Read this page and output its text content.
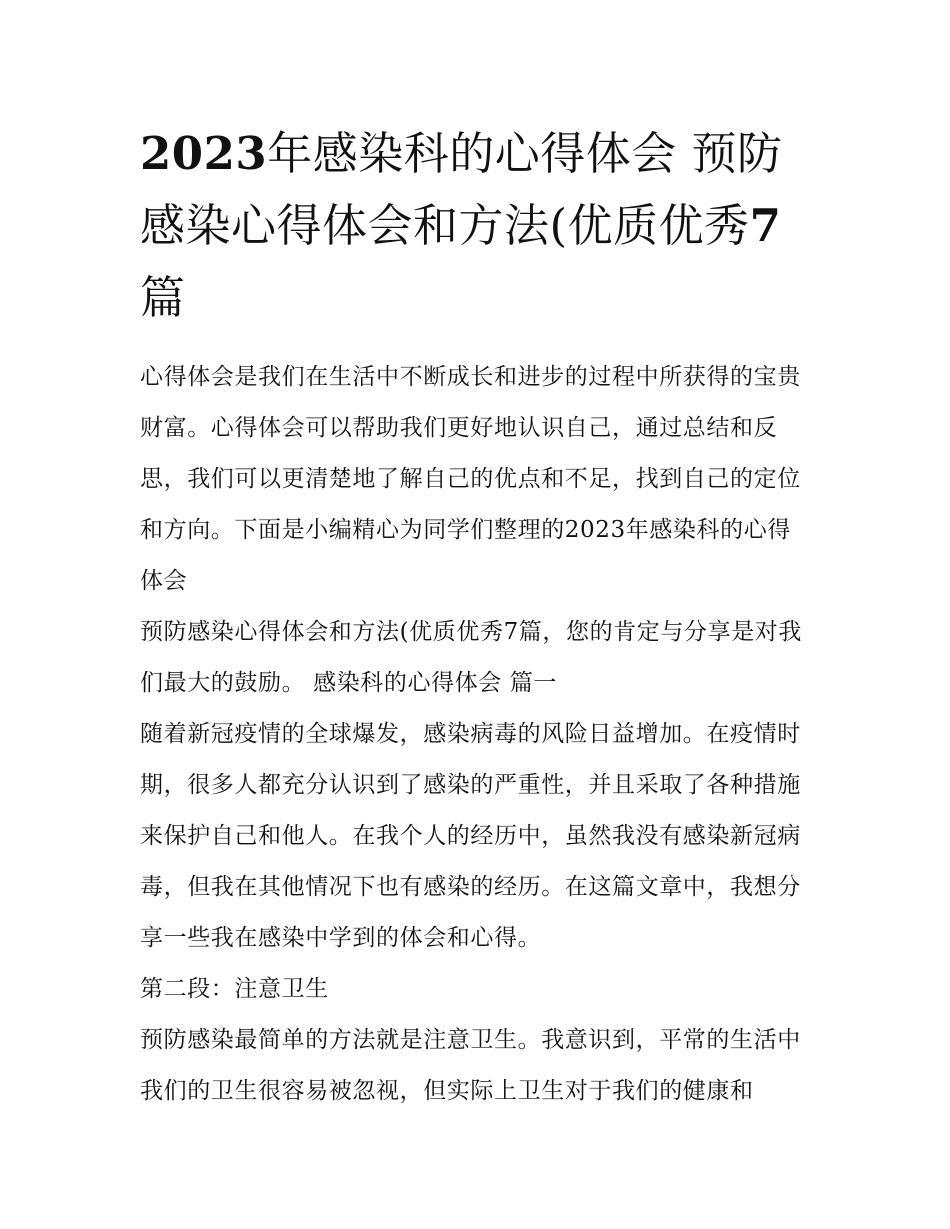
2023年感染科的心得体会 预防感染心得体会和方法(优质优秀7篇

心得体会是我们在生活中不断成长和进步的过程中所获得的宝贵财富。心得体会可以帮助我们更好地认识自己，通过总结和反思，我们可以更清楚地了解自己的优点和不足，找到自己的定位和方向。下面是小编精心为同学们整理的2023年感染科的心得体会

预防感染心得体会和方法(优质优秀7篇，您的肯定与分享是对我们最大的鼓励。 感染科的心得体会 篇一

随着新冠疫情的全球爆发，感染病毒的风险日益增加。在疫情时期，很多人都充分认识到了感染的严重性，并且采取了各种措施来保护自己和他人。在我个人的经历中，虽然我没有感染新冠病毒，但我在其他情况下也有感染的经历。在这篇文章中，我想分享一些我在感染中学到的体会和心得。

第二段：注意卫生

预防感染最简单的方法就是注意卫生。我意识到，平常的生活中我们的卫生很容易被忽视，但实际上卫生对于我们的健康和
